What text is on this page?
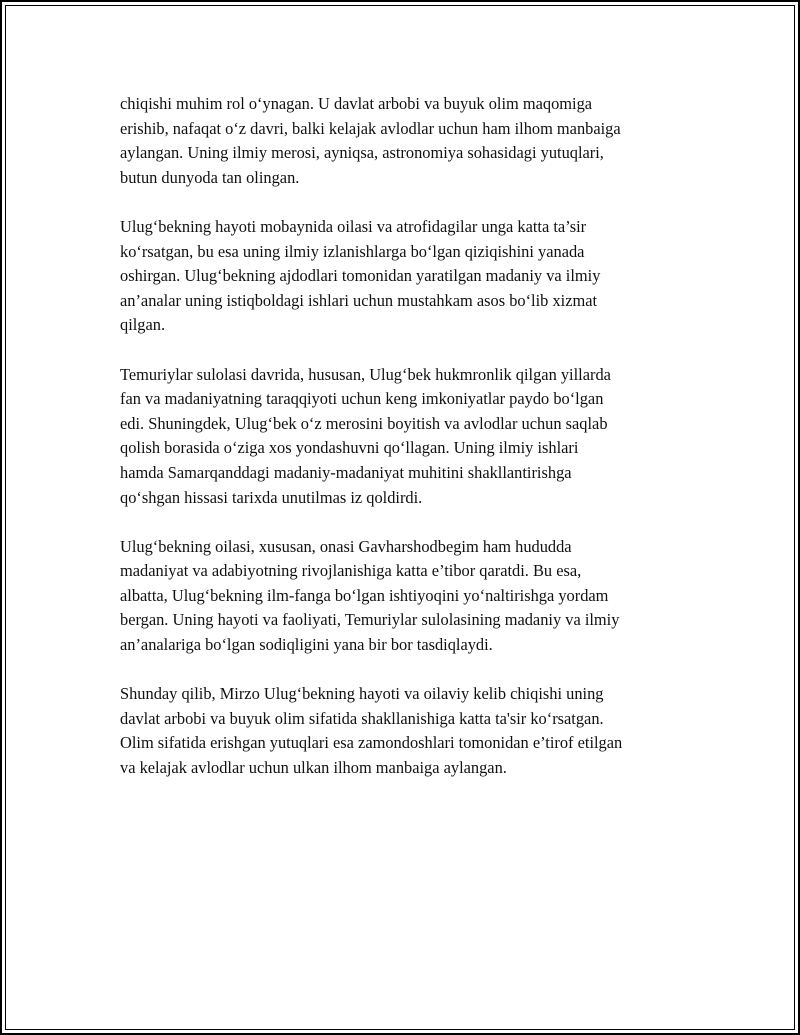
chiqishi muhim rol o‘ynagan. U davlat arbobi va buyuk olim maqomiga
erishib, nafaqat o‘z davri, balki kelajak avlodlar uchun ham ilhom manbaiga
aylangan. Uning ilmiy merosi, ayniqsa, astronomiya sohasidagi yutuqlari,
butun dunyoda tan olingan.

Ulug‘bekning hayoti mobaynida oilasi va atrofidagilar unga katta ta’sir
ko‘rsatgan, bu esa uning ilmiy izlanishlarga bo‘lgan qiziqishini yanada
oshirgan. Ulug‘bekning ajdodlari tomonidan yaratilgan madaniy va ilmiy
an’analar uning istiqboldagi ishlari uchun mustahkam asos bo‘lib xizmat
qilgan.

Temuriylar sulolasi davrida, hususan, Ulug‘bek hukmronlik qilgan yillarda
fan va madaniyatning taraqqiyoti uchun keng imkoniyatlar paydo bo‘lgan
edi. Shuningdek, Ulug‘bek o‘z merosini boyitish va avlodlar uchun saqlab
qolish borasida o‘ziga xos yondashuvni qo‘llagan. Uning ilmiy ishlari
hamda Samarqanddagi madaniy-madaniyat muhitini shakllantirishga
qo‘shgan hissasi tarixda unutilmas iz qoldirdi.

Ulug‘bekning oilasi, xususan, onasi Gavharshodbegim ham hududda
madaniyat va adabiyotning rivojlanishiga katta e’tibor qaratdi. Bu esa,
albatta, Ulug‘bekning ilm-fanga bo‘lgan ishtiyoqini yo‘naltirishga yordam
bergan. Uning hayoti va faoliyati, Temuriylar sulolasining madaniy va ilmiy
an’analariga bo‘lgan sodiqligini yana bir bor tasdiqlaydi.

Shunday qilib, Mirzo Ulug‘bekning hayoti va oilaviy kelib chiqishi uning
davlat arbobi va buyuk olim sifatida shakllanishiga katta ta'sir ko‘rsatgan.
Olim sifatida erishgan yutuqlari esa zamondoshlari tomonidan e’tirof etilgan
va kelajak avlodlar uchun ulkan ilhom manbaiga aylangan.
